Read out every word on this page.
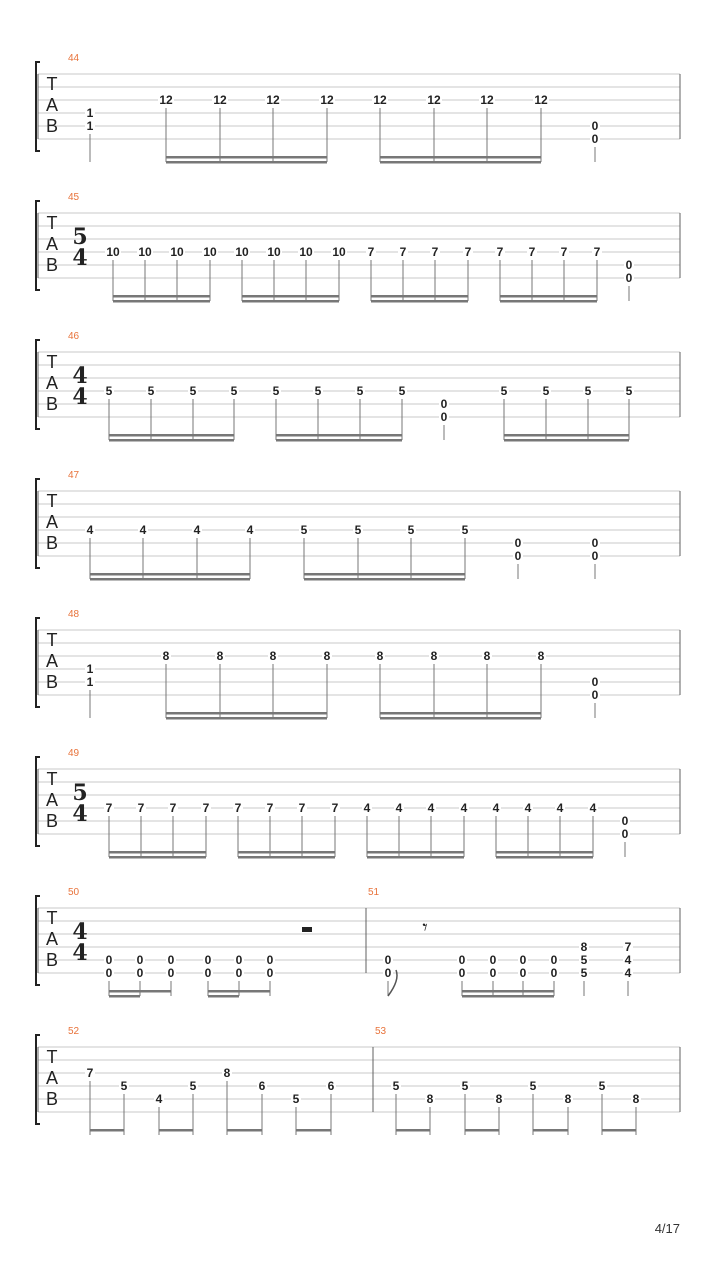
T
A
B
44
1
1
12	12	12	12	12	12	12	12
0
0
T
A
B
45
5
4 10 10 10 10 10 10 10 10 7 7 7 7 7 7 7 7
0
0
T
A
B
46
4
4 5	5	5	5	5	5	5	5
0
0
5	5	5	5
T
A
B
47
4	4	4	4	5	5	5	5
0
0
0
0
T
A
B
48
1
1
8	8	8	8	8	8	8	8
0
0
T
A
B
49
5
4 7 7 7 7 7 7 7 7 4 4 4 4 4 4 4 4
0
0
T
A
B
50
4
4
51
0
0
0
0
0
0
0
0
0
0
0
0
0
0
0
0
0
0
0
0
0
0
8
5
5
7
4
4
𝄾
T
A
B
52	53
7
5
4
5
8
6
5
6	5
8
5
8
5
8
5
8
4/17
